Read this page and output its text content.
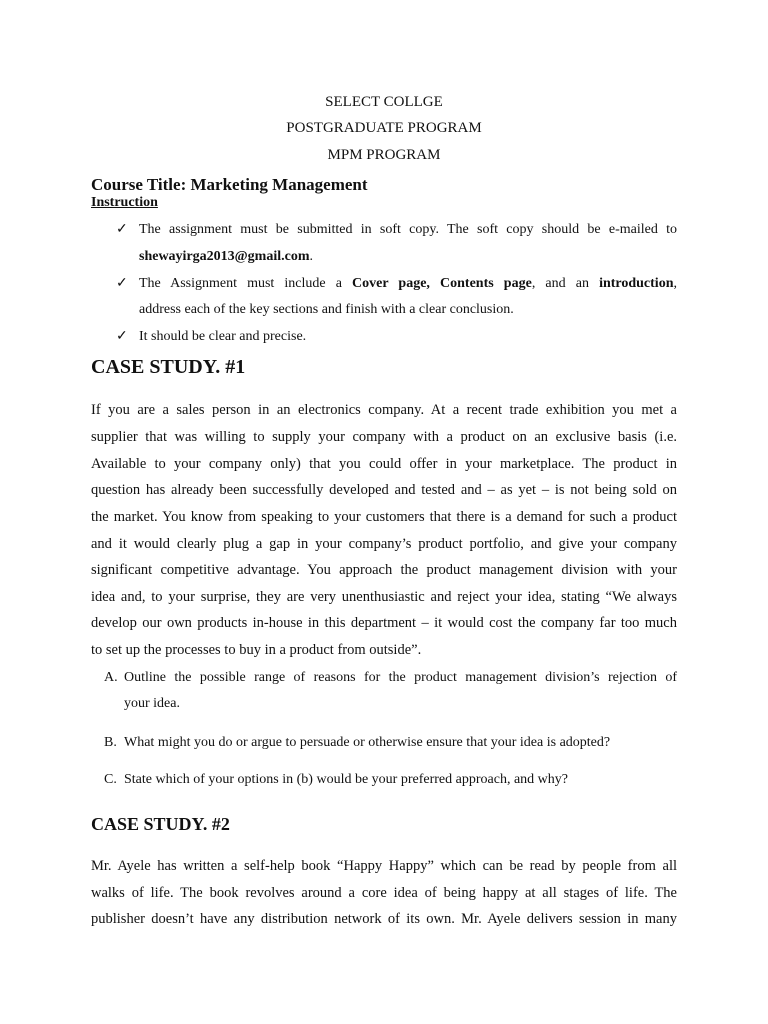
SELECT COLLGE
POSTGRADUATE PROGRAM
MPM PROGRAM
Course Title: Marketing Management
Instruction
✓ The assignment must be submitted in soft copy. The soft copy should be e-mailed to
shewayirga2013@gmail.com.
✓ The Assignment must include a Cover page, Contents page, and an introduction,
address each of the key sections and finish with a clear conclusion.
✓ It should be clear and precise.
CASE STUDY. #1
If you are a sales person in an electronics company. At a recent trade exhibition you met a
supplier that was willing to supply your company with a product on an exclusive basis (i.e.
Available to your company only) that you could offer in your marketplace. The product in
question has already been successfully developed and tested and – as yet – is not being sold on
the market. You know from speaking to your customers that there is a demand for such a product
and it would clearly plug a gap in your company’s product portfolio, and give your company
significant competitive advantage. You approach the product management division with your
idea and, to your surprise, they are very unenthusiastic and reject your idea, stating “We always
develop our own products in-house in this department – it would cost the company far too much
to set up the processes to buy in a product from outside”.
A. Outline the possible range of reasons for the product management division’s rejection of
your idea.
B. What might you do or argue to persuade or otherwise ensure that your idea is adopted?
C. State which of your options in (b) would be your preferred approach, and why?
CASE STUDY. #2
Mr. Ayele has written a self-help book “Happy Happy” which can be read by people from all
walks of life. The book revolves around a core idea of being happy at all stages of life. The
publisher doesn’t have any distribution network of its own. Mr. Ayele delivers session in many
